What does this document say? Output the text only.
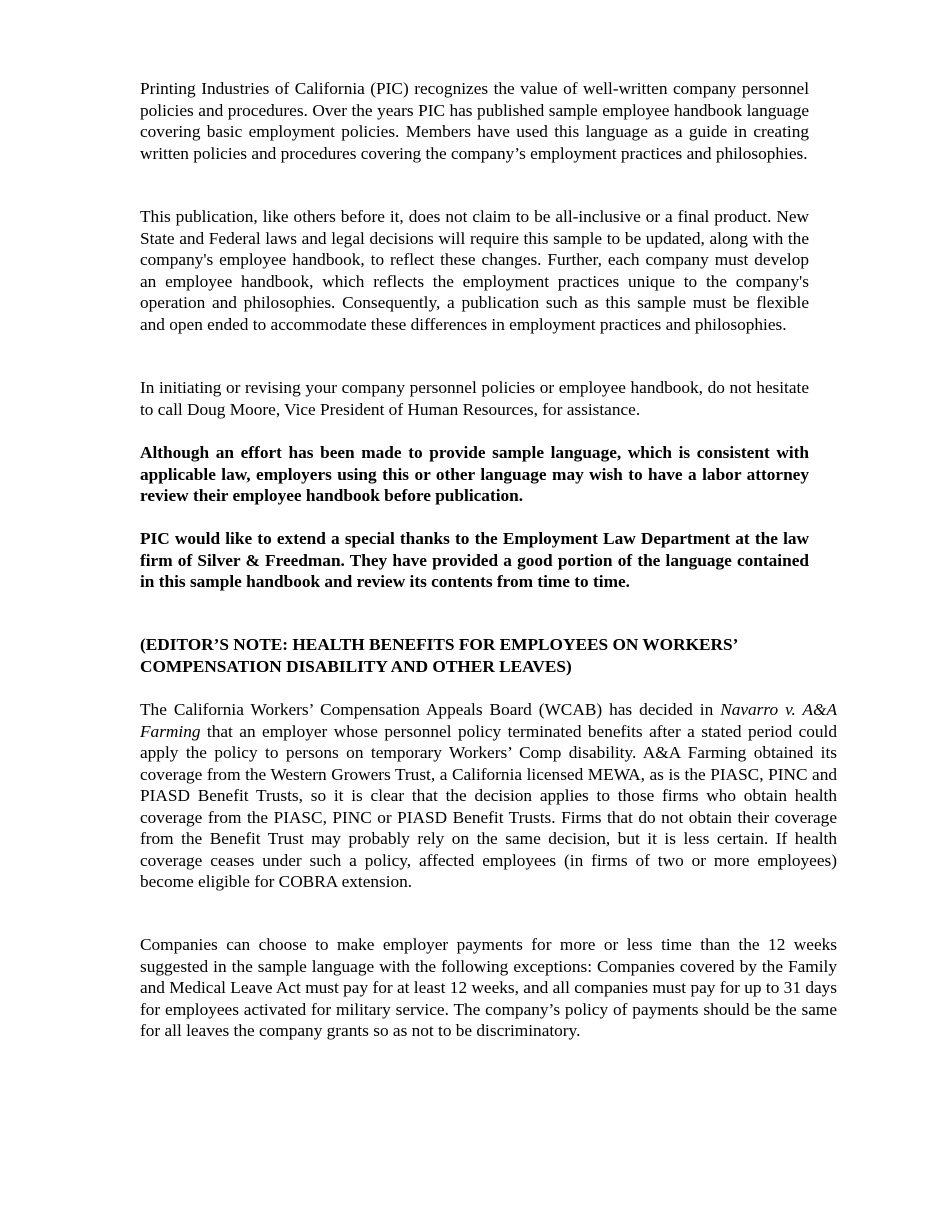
Printing Industries of California (PIC) recognizes the value of well-written company personnel policies and procedures. Over the years PIC has published sample employee handbook language covering basic employment policies. Members have used this language as a guide in creating written policies and procedures covering the company’s employment practices and philosophies.

This publication, like others before it, does not claim to be all-inclusive or a final product. New State and Federal laws and legal decisions will require this sample to be updated, along with the company's employee handbook, to reflect these changes. Further, each company must develop an employee handbook, which reflects the employment practices unique to the company's operation and philosophies. Consequently, a publication such as this sample must be flexible and open ended to accommodate these differences in employment practices and philosophies.

In initiating or revising your company personnel policies or employee handbook, do not hesitate to call Doug Moore, Vice President of Human Resources, for assistance.

Although an effort has been made to provide sample language, which is consistent with applicable law, employers using this or other language may wish to have a labor attorney review their employee handbook before publication.

PIC would like to extend a special thanks to the Employment Law Department at the law firm of Silver & Freedman. They have provided a good portion of the language contained in this sample handbook and review its contents from time to time.

(EDITOR’S NOTE: HEALTH BENEFITS FOR EMPLOYEES ON WORKERS’
COMPENSATION DISABILITY AND OTHER LEAVES)

The California Workers’ Compensation Appeals Board (WCAB) has decided in Navarro v. A&A Farming that an employer whose personnel policy terminated benefits after a stated period could apply the policy to persons on temporary Workers’ Comp disability. A&A Farming obtained its coverage from the Western Growers Trust, a California licensed MEWA, as is the PIASC, PINC and PIASD Benefit Trusts, so it is clear that the decision applies to those firms who obtain health coverage from the PIASC, PINC or PIASD Benefit Trusts. Firms that do not obtain their coverage from the Benefit Trust may probably rely on the same decision, but it is less certain. If health coverage ceases under such a policy, affected employees (in firms of two or more employees) become eligible for COBRA extension.

Companies can choose to make employer payments for more or less time than the 12 weeks suggested in the sample language with the following exceptions: Companies covered by the Family and Medical Leave Act must pay for at least 12 weeks, and all companies must pay for up to 31 days for employees activated for military service. The company’s policy of payments should be the same for all leaves the company grants so as not to be discriminatory.
